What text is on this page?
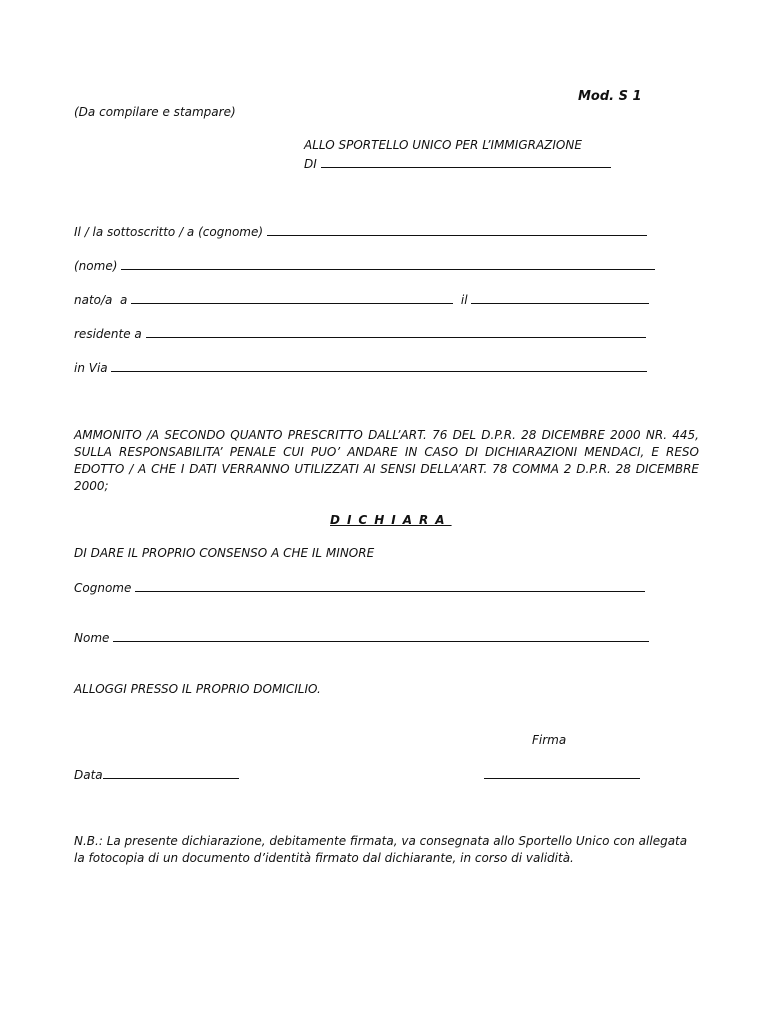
Mod. S 1
(Da compilare e stampare)
ALLO SPORTELLO UNICO PER L’IMMIGRAZIONE
DI
Il / la sottoscritto / a (cognome)
(nome)
nato/a  a	il
residente a
in Via
AMMONITO /A SECONDO QUANTO PRESCRITTO DALL’ART. 76 DEL D.P.R. 28 DICEMBRE 2000 NR. 445, SULLA RESPONSABILITA’ PENALE CUI PUO’ ANDARE IN CASO DI DICHIARAZIONI MENDACI, E RESO EDOTTO / A CHE I DATI VERRANNO UTILIZZATI AI SENSI DELLA’ART. 78 COMMA 2 D.P.R. 28 DICEMBRE 2000;
DICHIARA
DI DARE IL PROPRIO CONSENSO A CHE IL MINORE
Cognome
Nome
ALLOGGI PRESSO IL PROPRIO DOMICILIO.
Firma
Data
N.B.: La presente dichiarazione, debitamente firmata, va consegnata allo Sportello Unico con allegata la fotocopia di un documento d’identità firmato dal dichiarante, in corso di validità.
